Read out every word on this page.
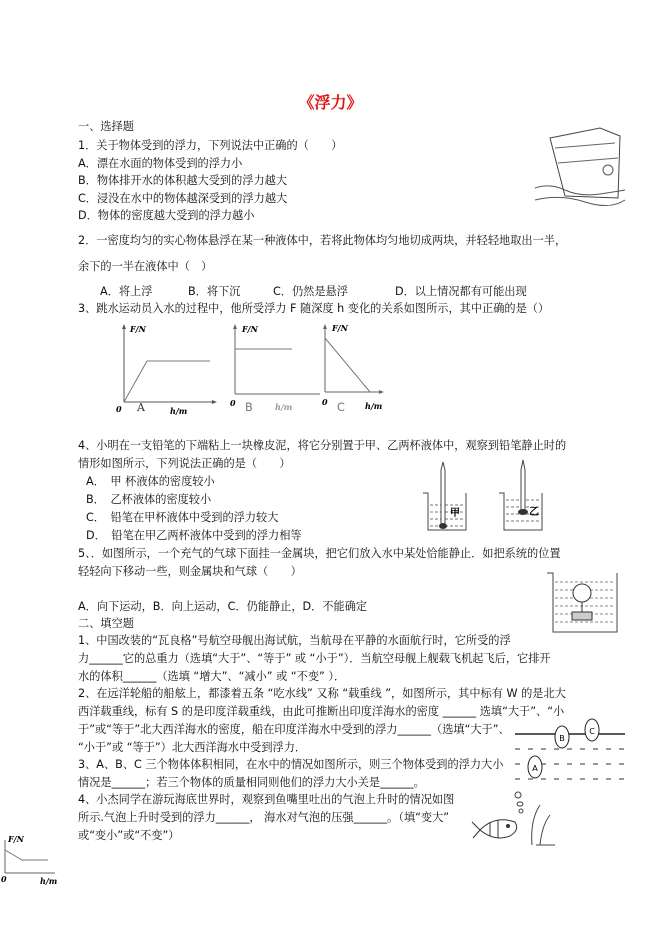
《浮力》
一、选择题
1．关于物体受到的浮力，下列说法中正确的（　　）
A．漂在水面的物体受到的浮力小
B．物体排开水的体积越大受到的浮力越大
C．浸没在水中的物体越深受到的浮力越大
D．物体的密度越大受到的浮力越小
2．一密度均匀的实心物体悬浮在某一种液体中，若将此物体均匀地切成两块，并轻轻地取出一半，
余下的一半在液体中（　）
A．将上浮	B．将下沉	C．仍然是悬浮	D．以上情况都有可能出现
3、跳水运动员入水的过程中，他所受浮力 F 随深度 h 变化的关系如图所示，其中正确的是（）
F/N
0	h/m
A
F/N
0	h/m
B
F/N
0	h/m
C
4、小明在一支铅笔的下端粘上一块橡皮泥，将它分别置于甲、乙两杯液体中，观察到铅笔静止时的
情形如图所示，下列说法正确的是（　　）
A．　甲 杯液体的密度较小
B．　乙杯液体的密度较小
C．　铅笔在甲杯液体中受到的浮力较大
D．　铅笔在甲乙两杯液体中受到的浮力相等
甲	乙
5、．如图所示，一个充气的气球下面挂一金属块，把它们放入水中某处恰能静止．如把系统的位置
轻轻向下移动一些，则金属块和气球（　　）
A．向下运动，B．向上运动，C．仍能静止，D．不能确定
二、填空题
1、中国改装的“瓦良格”号航空母舰出海试航，当航母在平静的水面航行时，它所受的浮
力______它的总重力（选填“大于”、“等于” 或 “小于”）．当航空母舰上舰载飞机起飞后，它排开
水的体积______（选填 “增大”、“减小” 或 “不变” ）．
2、在远洋轮船的船舷上，都漆着五条 “吃水线” 又称 “载重线 ”，如图所示，其中标有 W 的是北大
西洋载重线，标有 S 的是印度洋载重线，由此可推断出印度洋海水的密度 ______ 选填“大于”、“小
于”或“等于”北大西洋海水的密度，船在印度洋海水中受到的浮力______（选填“大于”、
“小于”或 “等于”）北大西洋海水中受到浮力．
3、A、B、C 三个物体体积相同，在水中的情况如图所示，则三个物体受到的浮力大小
情况是______；若三个物体的质量相同则他们的浮力大小关是______。
4、小杰同学在游玩海底世界时，观察到鱼嘴里吐出的气泡上升时的情况如图
所示.气泡上升时受到的浮力______， 海水对气泡的压强______。（填“变大”
或“变小”或“不变”）
A
B
C
F/N
0	h/m
